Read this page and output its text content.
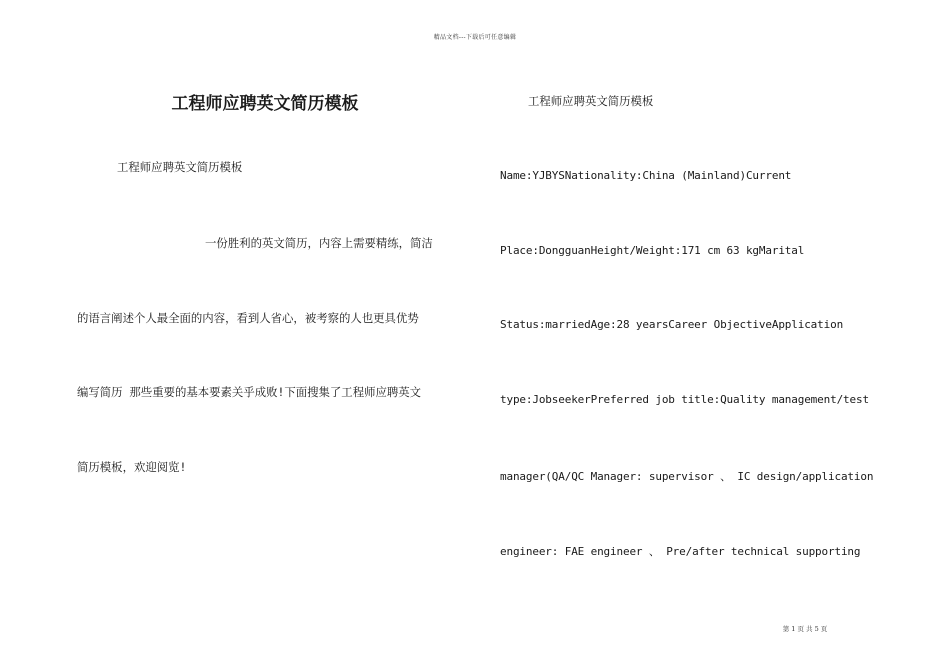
精品文档---下载后可任意编辑
工程师应聘英文简历模板
工程师应聘英文简历模板
一份胜利的英文简历，内容上需要精练，简洁
的语言阐述个人最全面的内容，看到人省心，被考察的人也更具优势
编写简历 那些重要的基本要素关乎成败!下面搜集了工程师应聘英文
简历模板，欢迎阅览!
工程师应聘英文简历模板
Name:YJBYSNationality:China (Mainland)Current
Place:DongguanHeight/Weight:171 cm 63 kgMarital
Status:marriedAge:28 yearsCareer ObjectiveApplication
type:JobseekerPreferred job title:Quality management/test
manager(QA/QC Manager: supervisor 、 IC design/application
engineer: FAE engineer 、 Pre/after technical supporting
第 1 页 共 5 页
